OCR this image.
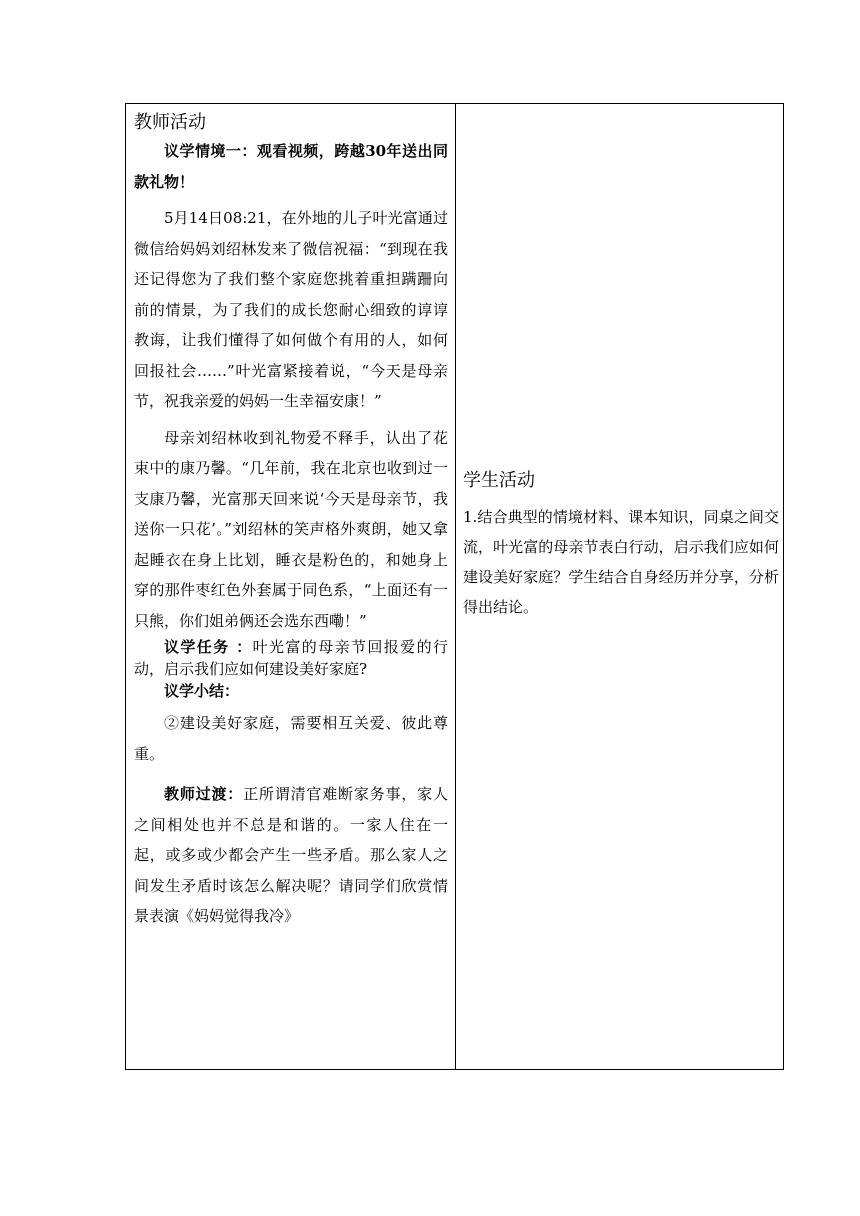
教师活动

议学情境一：观看视频，跨越30年送出同款礼物！

5月14日08:21，在外地的儿子叶光富通过微信给妈妈刘绍林发来了微信祝福：“到现在我还记得您为了我们整个家庭您挑着重担蹒跚向前的情景，为了我们的成长您耐心细致的谆谆教诲，让我们懂得了如何做个有用的人，如何回报社会……”叶光富紧接着说，“今天是母亲节，祝我亲爱的妈妈一生幸福安康！”

母亲刘绍林收到礼物爱不释手，认出了花束中的康乃馨。“几年前，我在北京也收到过一支康乃馨，光富那天回来说‘今天是母亲节，我送你一只花’。”刘绍林的笑声格外爽朗，她又拿起睡衣在身上比划，睡衣是粉色的，和她身上穿的那件枣红色外套属于同色系，“上面还有一只熊，你们姐弟俩还会选东西嘞！”

议学任务 ：叶光富的母亲节回报爱的行动，启示我们应如何建设美好家庭?

议学小结：

②建设美好家庭，需要相互关爱、彼此尊重。

教师过渡：正所谓清官难断家务事，家人之间相处也并不总是和谐的。一家人住在一起，或多或少都会产生一些矛盾。那么家人之间发生矛盾时该怎么解决呢？请同学们欣赏情景表演《妈妈觉得我冷》

学生活动

1.结合典型的情境材料、课本知识，同桌之间交流，叶光富的母亲节表白行动，启示我们应如何建设美好家庭？学生结合自身经历并分享，分析得出结论。
